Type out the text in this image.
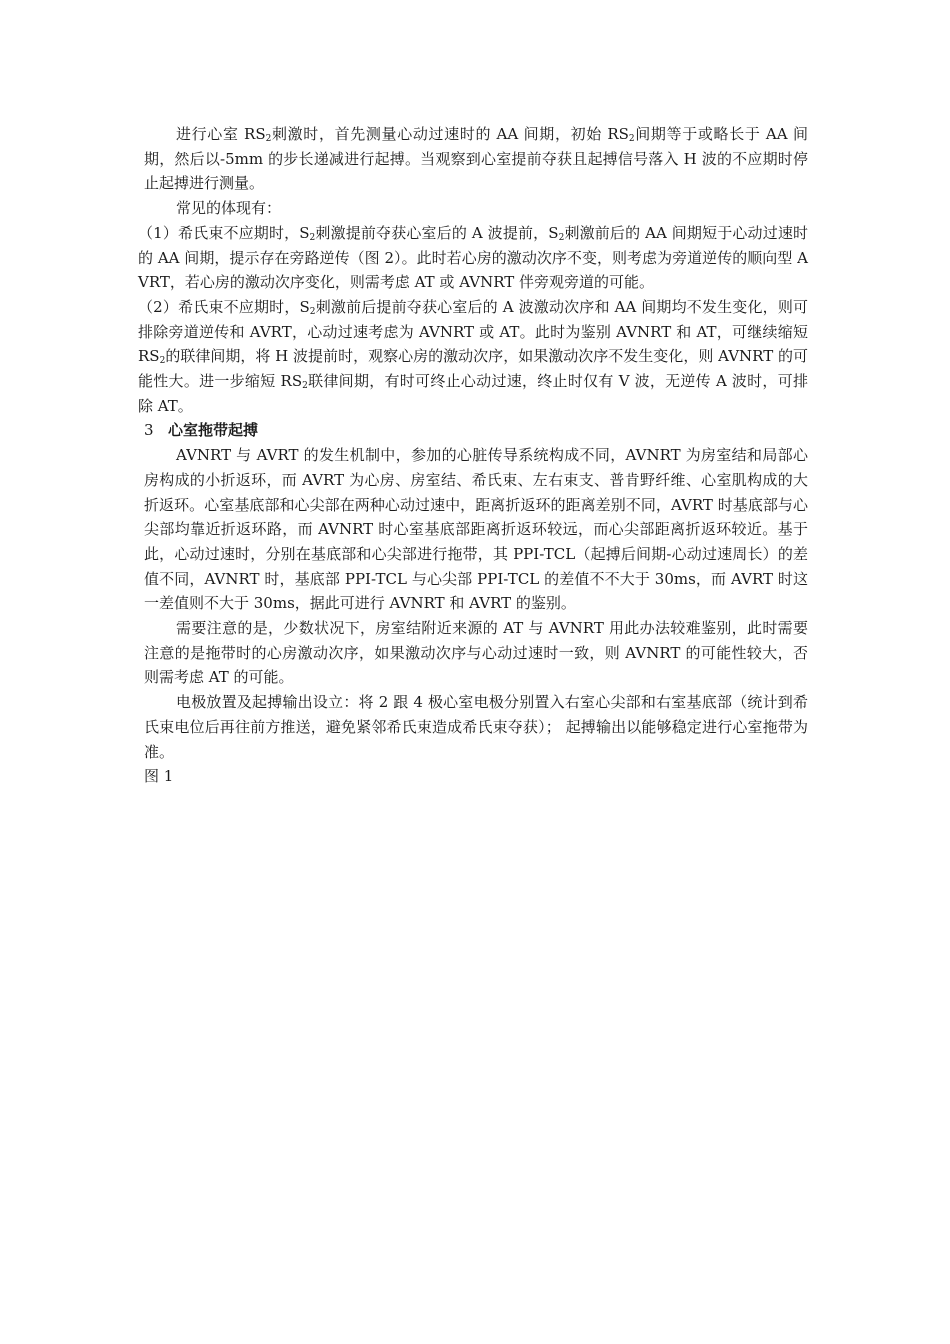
进行心室 $RS_2$刺激时，首先测量心动过速时的 AA 间期，初始 $RS_2$间期等于或略长于 AA 间期，然后以-5mm 的步长递减进行起搏。当观察到心室提前夺获且起搏信号落入 H 波的不应期时停止起搏进行测量。

常见的体现有：

（1）希氏束不应期时，$S_2$刺激提前夺获心室后的 A 波提前，$S_2$刺激前后的 AA 间期短于心动过速时的 AA 间期，提示存在旁路逆传（图 2）。此时若心房的激动次序不变，则考虑为旁道逆传的顺向型 AVRT，若心房的激动次序变化，则需考虑 AT 或 AVNRT 伴旁观旁道的可能。

（2）希氏束不应期时，$S_2$刺激前后提前夺获心室后的 A 波激动次序和 AA 间期均不发生变化，则可排除旁道逆传和 AVRT，心动过速考虑为 AVNRT 或 AT。此时为鉴别 AVNRT 和 AT，可继续缩短 $RS_2$的联律间期，将 H 波提前时，观察心房的激动次序，如果激动次序不发生变化，则 AVNRT 的可能性大。进一步缩短 $RS_2$联律间期，有时可终止心动过速，终止时仅有 V 波，无逆传 A 波时，可排除 AT。

3 心室拖带起搏

AVNRT 与 AVRT 的发生机制中，参加的心脏传导系统构成不同，AVNRT 为房室结和局部心房构成的小折返环，而 AVRT 为心房、房室结、希氏束、左右束支、普肯野纤维、心室肌构成的大折返环。心室基底部和心尖部在两种心动过速中，距离折返环的距离差别不同，AVRT 时基底部与心尖部均靠近折返环路，而 AVNRT 时心室基底部距离折返环较远，而心尖部距离折返环较近。基于此，心动过速时，分别在基底部和心尖部进行拖带，其 PPI-TCL（起搏后间期-心动过速周长）的差值不同，AVNRT 时，基底部 PPI-TCL 与心尖部 PPI-TCL 的差值不不大于 30ms，而 AVRT 时这一差值则不大于 30ms，据此可进行 AVNRT 和 AVRT 的鉴别。

需要注意的是，少数状况下，房室结附近来源的 AT 与 AVNRT 用此办法较难鉴别，此时需要注意的是拖带时的心房激动次序，如果激动次序与心动过速时一致，则 AVNRT 的可能性较大，否则需考虑 AT 的可能。

电极放置及起搏输出设立：将 2 跟 4 极心室电极分别置入右室心尖部和右室基底部（统计到希氏束电位后再往前方推送，避免紧邻希氏束造成希氏束夺获）； 起搏输出以能够稳定进行心室拖带为准。

图 1
